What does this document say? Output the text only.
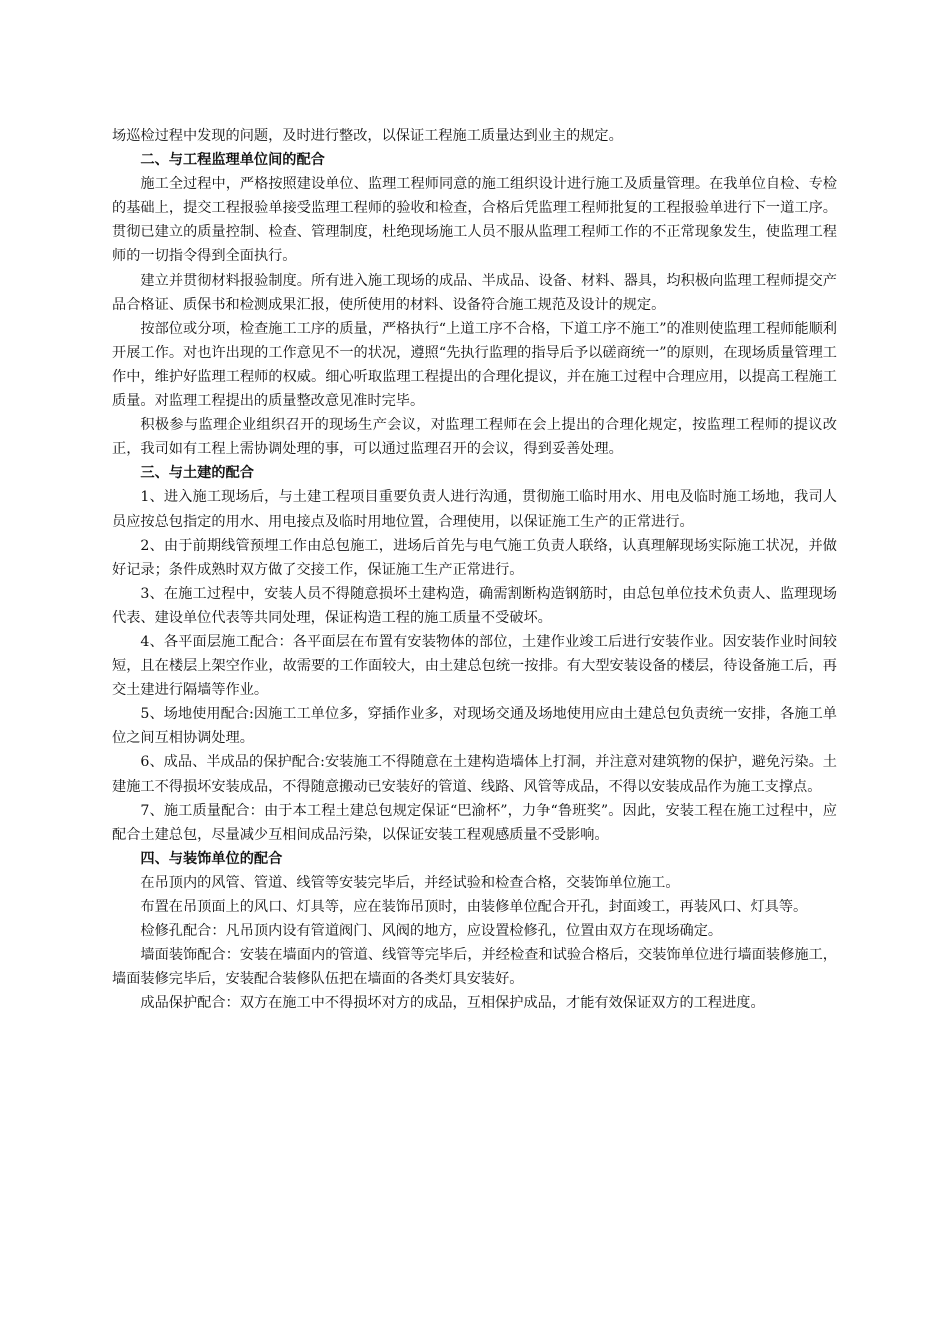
场巡检过程中发现的问题，及时进行整改，以保证工程施工质量达到业主的规定。

二、与工程监理单位间的配合

施工全过程中，严格按照建设单位、监理工程师同意的施工组织设计进行施工及质量管理。在我单位自检、专检的基础上，提交工程报验单接受监理工程师的验收和检查，合格后凭监理工程师批复的工程报验单进行下一道工序。贯彻已建立的质量控制、检查、管理制度，杜绝现场施工人员不服从监理工程师工作的不正常现象发生，使监理工程师的一切指令得到全面执行。

建立并贯彻材料报验制度。所有进入施工现场的成品、半成品、设备、材料、器具，均积极向监理工程师提交产品合格证、质保书和检测成果汇报，使所使用的材料、设备符合施工规范及设计的规定。

按部位或分项，检查施工工序的质量，严格执行“上道工序不合格，下道工序不施工”的准则使监理工程师能顺利开展工作。对也许出现的工作意见不一的状况，遵照“先执行监理的指导后予以磋商统一”的原则，在现场质量管理工作中，维护好监理工程师的权威。细心听取监理工程提出的合理化提议，并在施工过程中合理应用，以提高工程施工质量。对监理工程提出的质量整改意见准时完毕。

积极参与监理企业组织召开的现场生产会议，对监理工程师在会上提出的合理化规定，按监理工程师的提议改正，我司如有工程上需协调处理的事，可以通过监理召开的会议，得到妥善处理。

三、与土建的配合

1、进入施工现场后，与土建工程项目重要负责人进行沟通，贯彻施工临时用水、用电及临时施工场地，我司人员应按总包指定的用水、用电接点及临时用地位置，合理使用，以保证施工生产的正常进行。

2、由于前期线管预埋工作由总包施工，进场后首先与电气施工负责人联络，认真理解现场实际施工状况，并做好记录；条件成熟时双方做了交接工作，保证施工生产正常进行。

3、在施工过程中，安装人员不得随意损坏土建构造，确需割断构造钢筋时，由总包单位技术负责人、监理现场代表、建设单位代表等共同处理，保证构造工程的施工质量不受破坏。

4、各平面层施工配合：各平面层在布置有安装物体的部位，土建作业竣工后进行安装作业。因安装作业时间较短，且在楼层上架空作业，故需要的工作面较大，由土建总包统一按排。有大型安装设备的楼层，待设备施工后，再交土建进行隔墙等作业。

5、场地使用配合:因施工工单位多，穿插作业多，对现场交通及场地使用应由土建总包负责统一安排，各施工单位之间互相协调处理。

6、成品、半成品的保护配合:安装施工不得随意在土建构造墙体上打洞，并注意对建筑物的保护，避免污染。土建施工不得损坏安装成品，不得随意搬动已安装好的管道、线路、风管等成品，不得以安装成品作为施工支撑点。

7、施工质量配合：由于本工程土建总包规定保证“巴渝杯”，力争“鲁班奖”。因此，安装工程在施工过程中，应配合土建总包，尽量减少互相间成品污染，以保证安装工程观感质量不受影响。

四、与装饰单位的配合

在吊顶内的风管、管道、线管等安装完毕后，并经试验和检查合格，交装饰单位施工。

布置在吊顶面上的风口、灯具等，应在装饰吊顶时，由装修单位配合开孔，封面竣工，再装风口、灯具等。

检修孔配合：凡吊顶内设有管道阀门、风阀的地方，应设置检修孔，位置由双方在现场确定。

墙面装饰配合：安装在墙面内的管道、线管等完毕后，并经检查和试验合格后，交装饰单位进行墙面装修施工，墙面装修完毕后，安装配合装修队伍把在墙面的各类灯具安装好。

成品保护配合：双方在施工中不得损坏对方的成品，互相保护成品，才能有效保证双方的工程进度。
